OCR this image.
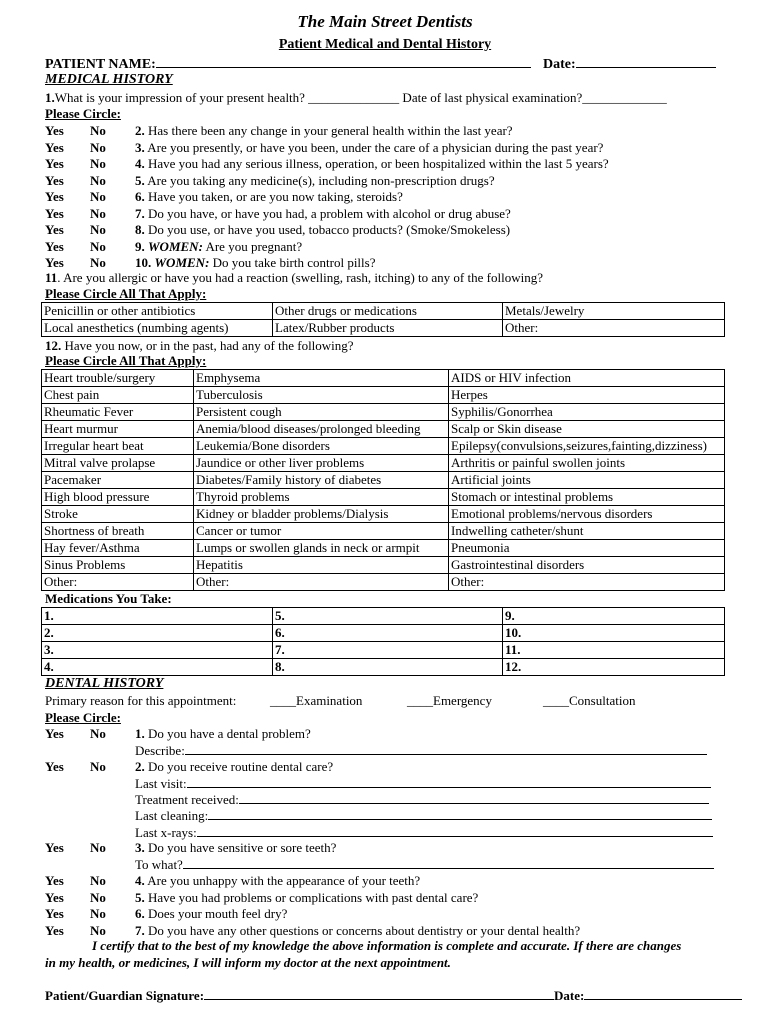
The Main Street Dentists
Patient Medical and Dental History
PATIENT NAME:	Date:
MEDICAL HISTORY
1.What is your impression of your present health? ______________ Date of last physical examination?_____________
Please Circle:
Yes No 2. Has there been any change in your general health within the last year?
Yes No 3. Are you presently, or have you been, under the care of a physician during the past year?
Yes No 4. Have you had any serious illness, operation, or been hospitalized within the last 5 years?
Yes No 5. Are you taking any medicine(s), including non-prescription drugs?
Yes No 6. Have you taken, or are you now taking, steroids?
Yes No 7. Do you have, or have you had, a problem with alcohol or drug abuse?
Yes No 8. Do you use, or have you used, tobacco products? (Smoke/Smokeless)
Yes No 9. WOMEN: Are you pregnant?
Yes No 10. WOMEN: Do you take birth control pills?
11. Are you allergic or have you had a reaction (swelling, rash, itching) to any of the following?
Please Circle All That Apply:
Penicillin or other antibiotics	Other drugs or medications	Metals/Jewelry
Local anesthetics (numbing agents)	Latex/Rubber products	Other:
12. Have you now, or in the past, had any of the following?
Please Circle All That Apply:
Heart trouble/surgery	Emphysema	AIDS or HIV infection
Chest pain	Tuberculosis	Herpes
Rheumatic Fever	Persistent cough	Syphilis/Gonorrhea
Heart murmur	Anemia/blood diseases/prolonged bleeding	Scalp or Skin disease
Irregular heart beat	Leukemia/Bone disorders	Epilepsy(convulsions,seizures,fainting,dizziness)
Mitral valve prolapse	Jaundice or other liver problems	Arthritis or painful swollen joints
Pacemaker	Diabetes/Family history of diabetes	Artificial joints
High blood pressure	Thyroid problems	Stomach or intestinal problems
Stroke	Kidney or bladder problems/Dialysis	Emotional problems/nervous disorders
Shortness of breath	Cancer or tumor	Indwelling catheter/shunt
Hay fever/Asthma	Lumps or swollen glands in neck or armpit	Pneumonia
Sinus Problems	Hepatitis	Gastrointestinal disorders
Other:	Other:	Other:
Medications You Take:
1.	5.	9.
2.	6.	10.
3.	7.	11.
4.	8.	12.
DENTAL HISTORY
Primary reason for this appointment:	____Examination	____Emergency	____Consultation
Please Circle:
Yes No 1. Do you have a dental problem?
Describe:
Yes No 2. Do you receive routine dental care?
Last visit:
Treatment received:
Last cleaning:
Last x-rays:
Yes No 3. Do you have sensitive or sore teeth?
To what?
Yes No 4. Are you unhappy with the appearance of your teeth?
Yes No 5. Have you had problems or complications with past dental care?
Yes No 6. Does your mouth feel dry?
Yes No 7. Do you have any other questions or concerns about dentistry or your dental health?
I certify that to the best of my knowledge the above information is complete and accurate. If there are changes
in my health, or medicines, I will inform my doctor at the next appointment.
Patient/Guardian Signature:	Date:
